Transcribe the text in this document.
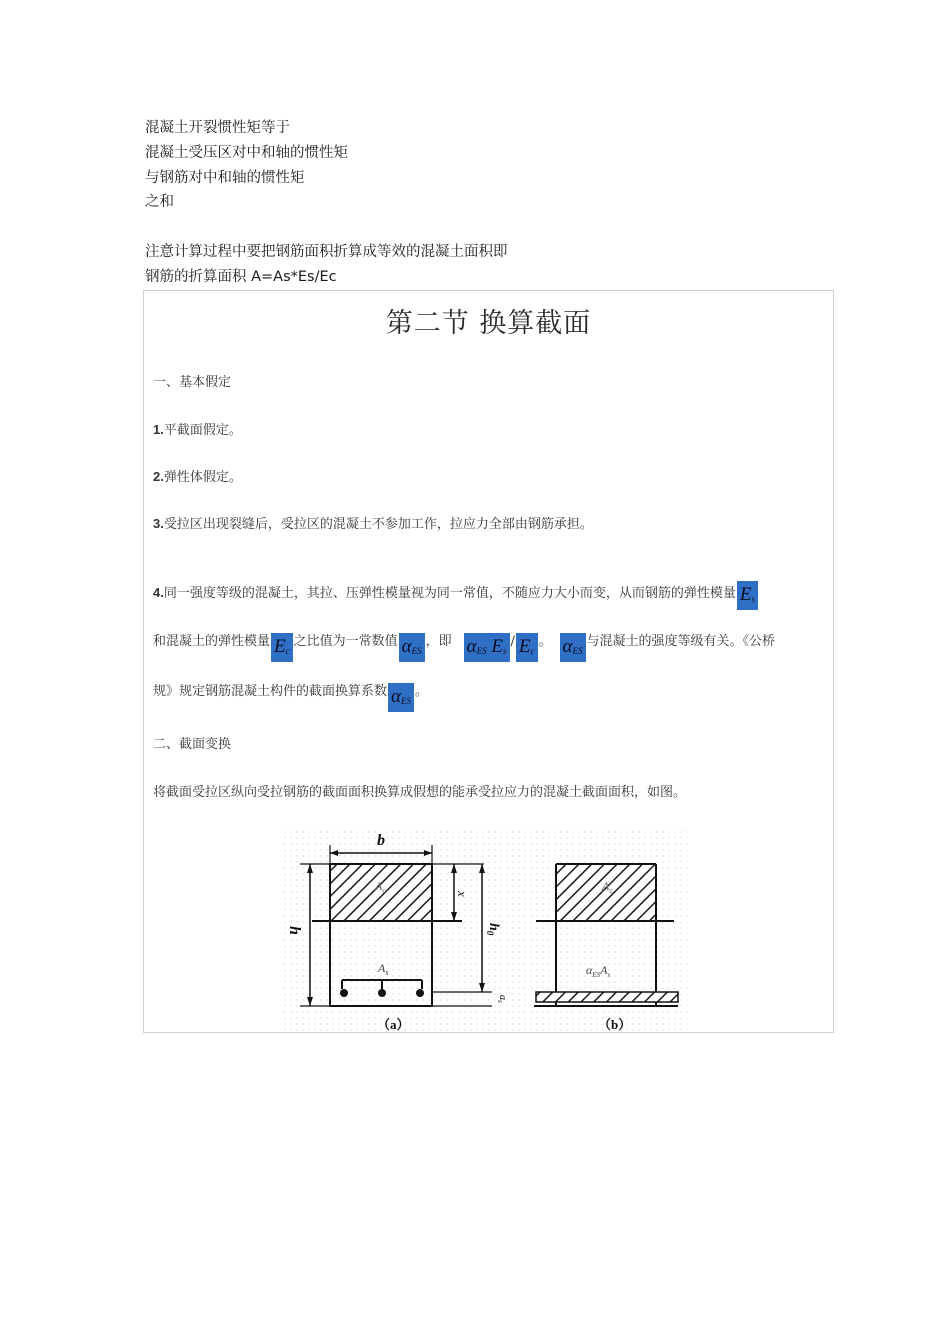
混凝土开裂惯性矩等于

混凝土受压区对中和轴的惯性矩

与钢筋对中和轴的惯性矩

之和

注意计算过程中要把钢筋面积折算成等效的混凝土面积即

钢筋的折算面积 A=As*Es/Ec

第二节 换算截面
一、基本假定
1.平截面假定。
2.弹性体假定。
3.受拉区出现裂缝后，受拉区的混凝土不参加工作，拉应力全部由钢筋承担。
4.同一强度等级的混凝土，其拉、压弹性模量视为同一常值，不随应力大小而变，从而钢筋的弹性模量 $E_s$
和混凝土的弹性模量 $E_c$之比值为一常数值 $\alpha_{ES}$，即 $\alpha_{ES}$ $E_s/$ $E_c$。 $\alpha_{ES}$与混凝土的强度等级有关。《公桥
规》规定钢筋混凝土构件的截面换算系数 $\alpha_{ES}$。
二、截面变换
将截面受拉区纵向受拉钢筋的截面面积换算成假想的能承受拉应力的混凝土截面面积，如图。
b
$A_c$	x
h	$h_0$
$A_s$
$a_s$
（a）
$A_c$
$\alpha_{ES}A_s$
（b）
